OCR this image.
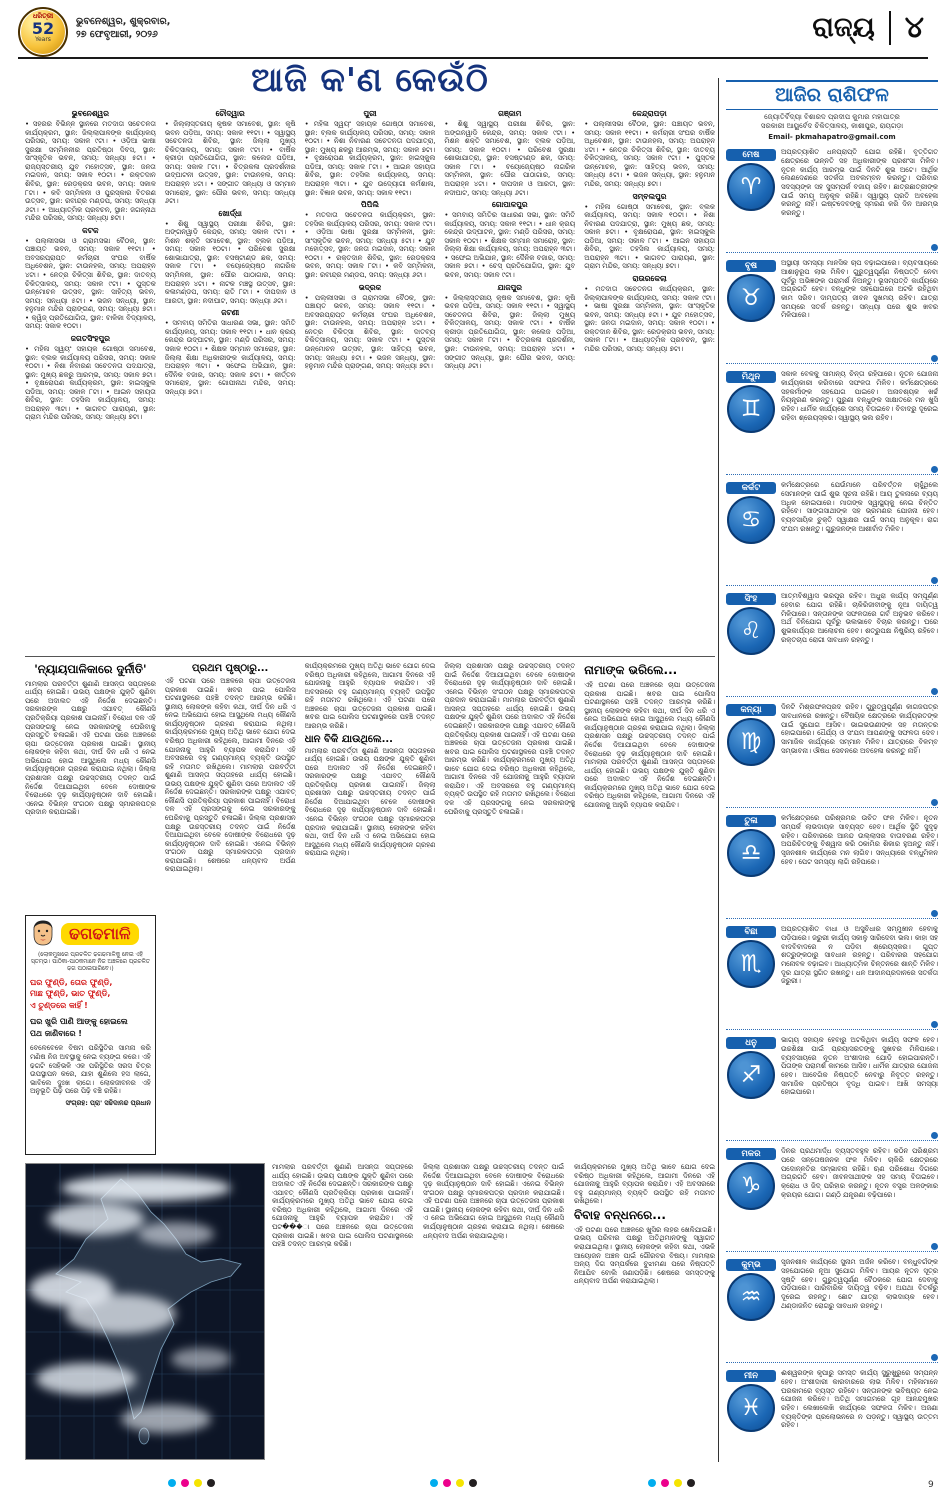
ଧରିତ୍ରୀ
52
Years
ଭୁବନେଶ୍ୱର, ଶୁକ୍ରବାର,
୨୭ ଫେବୃଆରୀ, ୨୦୨୬	ରାଜ୍ୟ ୪
ଆଜି କ'ଣ କେଉଁଠି
ଭୁବନେଶ୍ୱର

• ସହରର ବିଭିନ୍ନ ସ୍ଥାନରେ ମତଦାତା ସଚେତନତା କାର୍ଯ୍ୟକ୍ରମ, ସ୍ଥାନ: ଜିଲ୍ଲାପାଳଙ୍କ କାର୍ଯ୍ୟାଳୟ ପରିସର, ସମୟ: ସକାଳ ୯ଟା। • ଓଡ଼ିଆ ଭାଷା ସୁରକ୍ଷା ସମ୍ମିଳନୀର ପ୍ରତିଷ୍ଠା ଦିବସ, ସ୍ଥାନ: ସାଂସ୍କୃତିକ ଭବନ, ସମୟ: ସନ୍ଧ୍ୟା ୫ଟା। • ରାଜ୍ୟସ୍ତରୀୟ ଯୁବ ମହୋତ୍ସବ, ସ୍ଥାନ: ଜନତା ମଇଦାନ, ସମୟ: ସକାଳ ୧୦ଟା। • ରକ୍ତଦାନ ଶିବିର, ସ୍ଥାନ: ରେଡ଼କ୍ରସ ଭବନ, ସମୟ: ସକାଳ ୮ଟା। • କବି ସମ୍ମିଳନୀ ଓ ପୁରସ୍କାର ବିତରଣ ଉତ୍ସବ, ସ୍ଥାନ: ରବୀନ୍ଦ୍ର ମଣ୍ଡପ, ସମୟ: ସନ୍ଧ୍ୟା ୬ଟା। • ଆଧ୍ୟାତ୍ମିକ ପ୍ରବଚନ, ସ୍ଥାନ: ଜଗନ୍ନାଥ ମନ୍ଦିର ପରିସର, ସମୟ: ସନ୍ଧ୍ୟା ୭ଟା।

କଟକ

• ପଲ୍ଲୀସଭା ଓ ଗ୍ରାମସଭା ବୈଠକ, ସ୍ଥାନ: ପଞ୍ଚାୟତ ଭବନ, ସମୟ: ସକାଳ ୧୧ଟା। • ଅବସରପ୍ରାପ୍ତ କର୍ମଚାରୀ ସଂଘର ବାର୍ଷିକ ଅଧିବେଶନ, ସ୍ଥାନ: ଟାଉନହଲ, ସମୟ: ଅପରାହ୍ନ ୪ଟା। • ନେତ୍ର ଚିକିତ୍ସା ଶିବିର, ସ୍ଥାନ: ଦାତବ୍ୟ ଚିକିତ୍ସାଳୟ, ସମୟ: ସକାଳ ୯ଟା। • ପୁସ୍ତକ ଉନ୍ମୋଚନ ଉତ୍ସବ, ସ୍ଥାନ: ସାହିତ୍ୟ ଭବନ, ସମୟ: ସନ୍ଧ୍ୟା ୫ଟା। • ଭଜନ ସନ୍ଧ୍ୟା, ସ୍ଥାନ: ହନୁମାନ ମନ୍ଦିର ପ୍ରାଙ୍ଗଣ, ସମୟ: ସନ୍ଧ୍ୟା ୭ଟା। • କ୍ୱିଜ୍ ପ୍ରତିଯୋଗିତା, ସ୍ଥାନ: ବାଳିକା ବିଦ୍ୟାଳୟ, ସମୟ: ସକାଳ ୧୦ଟା।

ଜଗତସିଂହପୁର

• ମହିଳା ସ୍ୱୟଂ ସହାୟକ ଗୋଷ୍ଠୀ ସମାବେଶ, ସ୍ଥାନ: ବ୍ଲକ କାର୍ଯ୍ୟାଳୟ ପରିସର, ସମୟ: ସକାଳ ୧୦ଟା। • ନିଶା ନିବାରଣ ସଚେତନତା ପଦଯାତ୍ରା, ସ୍ଥାନ: ମୁଖ୍ୟ ଛକରୁ ଆରମ୍ଭ, ସମୟ: ସକାଳ ୭ଟା। • ବୃକ୍ଷରୋପଣ କାର୍ଯ୍ୟକ୍ରମ, ସ୍ଥାନ: ହାଇସ୍କୁଲ ପଡ଼ିଆ, ସମୟ: ସକାଳ ୮ଟା। • ଆଇନ ସହାୟତା ଶିବିର, ସ୍ଥାନ: ତହସିଲ କାର୍ଯ୍ୟାଳୟ, ସମୟ: ଅପରାହ୍ନ ୩ଟା। • ଭାଗବତ ପାରାୟଣ, ସ୍ଥାନ: ଗ୍ରାମ ମନ୍ଦିର ପରିସର, ସମୟ: ସନ୍ଧ୍ୟା ୭ଟା।

ଚୌଦ୍ୱାର

• ଜିଲ୍ଲାସ୍ତରୀୟ କୃଷକ ସମାବେଶ, ସ୍ଥାନ: କୃଷି ଭବନ ପଡ଼ିଆ, ସମୟ: ସକାଳ ୧୧ଟା। • ସ୍ୱାସ୍ଥ୍ୟ ସଚେତନତା ଶିବିର, ସ୍ଥାନ: ଜିଲ୍ଲା ମୁଖ୍ୟ ଚିକିତ୍ସାଳୟ, ସମୟ: ସକାଳ ୯ଟା। • ବାର୍ଷିକ କ୍ରୀଡ଼ା ପ୍ରତିଯୋଗିତା, ସ୍ଥାନ: କଲେଜ ପଡ଼ିଆ, ସମୟ: ସକାଳ ୮ଟା। • ଚିତ୍ରକଳା ପ୍ରଦର୍ଶନୀର ଉଦ୍‌ଘାଟନୀ ଉତ୍ସବ, ସ୍ଥାନ: ଟାଉନହଲ, ସମୟ: ଅପରାହ୍ନ ୪ଟା। • ସଙ୍ଗୀତ ସନ୍ଧ୍ୟା ଓ ସମ୍ମାନ ସମାରୋହ, ସ୍ଥାନ: ପୌର ଭବନ, ସମୟ: ସନ୍ଧ୍ୟା ୬ଟା।

ଖୋର୍ଦ୍ଧା

• ଶିଶୁ ସ୍ୱାସ୍ଥ୍ୟ ପରୀକ୍ଷା ଶିବିର, ସ୍ଥାନ: ଅଙ୍ଗନୱାଡ଼ି କେନ୍ଦ୍ର, ସମୟ: ସକାଳ ୯ଟା। • ମିଶନ ଶକ୍ତି ସମାବେଶ, ସ୍ଥାନ: ବ୍ଲକ ପଡ଼ିଆ, ସମୟ: ସକାଳ ୧୦ଟା। • ପରିବେଶ ସୁରକ୍ଷା ଶୋଭାଯାତ୍ରା, ସ୍ଥାନ: ବସଷ୍ଟାଣ୍ଡ ଛକ, ସମୟ: ସକାଳ ୮ଟା। • ବୟୋଜ୍ୟେଷ୍ଠ ନାଗରିକ ସମ୍ମିଳନୀ, ସ୍ଥାନ: ପୌର ପାଠାଗାର, ସମୟ: ଅପରାହ୍ନ ୪ଟା। • ନାଟକ ମଞ୍ଚସ୍ଥ ଉତ୍ସବ, ସ୍ଥାନ: କଳାମଣ୍ଡପ, ସମୟ: ରାତି ୮ଟା। • ଦୀପଦାନ ଓ ଆରତୀ, ସ୍ଥାନ: ନଦୀଘାଟ, ସମୟ: ସନ୍ଧ୍ୟା ୬ଟା।

ଜଟଣୀ

• ସମବାୟ ସମିତିର ସାଧାରଣ ସଭା, ସ୍ଥାନ: ସମିତି କାର୍ଯ୍ୟାଳୟ, ସମୟ: ସକାଳ ୧୧ଟା। • ଧାନ କ୍ରୟ କେନ୍ଦ୍ର ଉଦ୍‌ଘାଟନ, ସ୍ଥାନ: ମଣ୍ଡି ପରିସର, ସମୟ: ସକାଳ ୧୦ଟା। • ଶିକ୍ଷକ ସମ୍ମାନ ସମାରୋହ, ସ୍ଥାନ: ଜିଲ୍ଲା ଶିକ୍ଷା ଅଧିକାରୀଙ୍କ କାର୍ଯ୍ୟାଳୟ, ସମୟ: ଅପରାହ୍ନ ୩ଟା। • ସଫେଇ ଅଭିଯାନ, ସ୍ଥାନ: ଦୈନିକ ବଜାର, ସମୟ: ସକାଳ ୭ଟା। • କୀର୍ତ୍ତନ ସମାରୋହ, ସ୍ଥାନ: ଗୋପୀନାଥ ମନ୍ଦିର, ସମୟ: ସନ୍ଧ୍ୟା ୭ଟା।

ପୁରୀ

• ମହିଳା ସ୍ୱୟଂ ସହାୟକ ଗୋଷ୍ଠୀ ସମାବେଶ, ସ୍ଥାନ: ବ୍ଲକ କାର୍ଯ୍ୟାଳୟ ପରିସର, ସମୟ: ସକାଳ ୧୦ଟା। • ନିଶା ନିବାରଣ ସଚେତନତା ପଦଯାତ୍ରା, ସ୍ଥାନ: ମୁଖ୍ୟ ଛକରୁ ଆରମ୍ଭ, ସମୟ: ସକାଳ ୭ଟା। • ବୃକ୍ଷରୋପଣ କାର୍ଯ୍ୟକ୍ରମ, ସ୍ଥାନ: ହାଇସ୍କୁଲ ପଡ଼ିଆ, ସମୟ: ସକାଳ ୮ଟା। • ଆଇନ ସହାୟତା ଶିବିର, ସ୍ଥାନ: ତହସିଲ କାର୍ଯ୍ୟାଳୟ, ସମୟ: ଅପରାହ୍ନ ୩ଟା। • ଯୁବ ଉଦ୍ୟୋଗୀ କର୍ମଶାଳା, ସ୍ଥାନ: ବିଜ୍ଞାନ ଭବନ, ସମୟ: ସକାଳ ୧୧ଟା।

ପିପିଲି

• ମତଦାତା ସଚେତନତା କାର୍ଯ୍ୟକ୍ରମ, ସ୍ଥାନ: ତହସିଲ କାର୍ଯ୍ୟାଳୟ ପରିସର, ସମୟ: ସକାଳ ୯ଟା। • ଓଡ଼ିଆ ଭାଷା ସୁରକ୍ଷା ସମ୍ମିଳନୀ, ସ୍ଥାନ: ସାଂସ୍କୃତିକ ଭବନ, ସମୟ: ସନ୍ଧ୍ୟା ୫ଟା। • ଯୁବ ମହୋତ୍ସବ, ସ୍ଥାନ: ଜନତା ମଇଦାନ, ସମୟ: ସକାଳ ୧୦ଟା। • ରକ୍ତଦାନ ଶିବିର, ସ୍ଥାନ: ରେଡ଼କ୍ରସ ଭବନ, ସମୟ: ସକାଳ ୮ଟା। • କବି ସମ୍ମିଳନୀ, ସ୍ଥାନ: ରବୀନ୍ଦ୍ର ମଣ୍ଡପ, ସମୟ: ସନ୍ଧ୍ୟା ୬ଟା।

ଭଦ୍ରକ

• ପଲ୍ଲୀସଭା ଓ ଗ୍ରାମସଭା ବୈଠକ, ସ୍ଥାନ: ପଞ୍ଚାୟତ ଭବନ, ସମୟ: ସକାଳ ୧୧ଟା। • ଅବସରପ୍ରାପ୍ତ କର୍ମଚାରୀ ସଂଘର ଅଧିବେଶନ, ସ୍ଥାନ: ଟାଉନହଲ, ସମୟ: ଅପରାହ୍ନ ୪ଟା। • ନେତ୍ର ଚିକିତ୍ସା ଶିବିର, ସ୍ଥାନ: ଦାତବ୍ୟ ଚିକିତ୍ସାଳୟ, ସମୟ: ସକାଳ ୯ଟା। • ପୁସ୍ତକ ଉନ୍ମୋଚନ ଉତ୍ସବ, ସ୍ଥାନ: ସାହିତ୍ୟ ଭବନ, ସମୟ: ସନ୍ଧ୍ୟା ୫ଟା। • ଭଜନ ସନ୍ଧ୍ୟା, ସ୍ଥାନ: ହନୁମାନ ମନ୍ଦିର ପ୍ରାଙ୍ଗଣ, ସମୟ: ସନ୍ଧ୍ୟା ୭ଟା।

ଗଞ୍ଜାମ

• ଶିଶୁ ସ୍ୱାସ୍ଥ୍ୟ ପରୀକ୍ଷା ଶିବିର, ସ୍ଥାନ: ଅଙ୍ଗନୱାଡ଼ି କେନ୍ଦ୍ର, ସମୟ: ସକାଳ ୯ଟା। • ମିଶନ ଶକ୍ତି ସମାବେଶ, ସ୍ଥାନ: ବ୍ଲକ ପଡ଼ିଆ, ସମୟ: ସକାଳ ୧୦ଟା। • ପରିବେଶ ସୁରକ୍ଷା ଶୋଭାଯାତ୍ରା, ସ୍ଥାନ: ବସଷ୍ଟାଣ୍ଡ ଛକ, ସମୟ: ସକାଳ ୮ଟା। • ବୟୋଜ୍ୟେଷ୍ଠ ନାଗରିକ ସମ୍ମିଳନୀ, ସ୍ଥାନ: ପୌର ପାଠାଗାର, ସମୟ: ଅପରାହ୍ନ ୪ଟା। • ଦୀପଦାନ ଓ ଆରତୀ, ସ୍ଥାନ: ନଦୀଘାଟ, ସମୟ: ସନ୍ଧ୍ୟା ୬ଟା।

ଗୋପାଳପୁର

• ସମବାୟ ସମିତିର ସାଧାରଣ ସଭା, ସ୍ଥାନ: ସମିତି କାର୍ଯ୍ୟାଳୟ, ସମୟ: ସକାଳ ୧୧ଟା। • ଧାନ କ୍ରୟ କେନ୍ଦ୍ର ଉଦ୍‌ଘାଟନ, ସ୍ଥାନ: ମଣ୍ଡି ପରିସର, ସମୟ: ସକାଳ ୧୦ଟା। • ଶିକ୍ଷକ ସମ୍ମାନ ସମାରୋହ, ସ୍ଥାନ: ଜିଲ୍ଲା ଶିକ୍ଷା କାର୍ଯ୍ୟାଳୟ, ସମୟ: ଅପରାହ୍ନ ୩ଟା। • ସଫେଇ ଅଭିଯାନ, ସ୍ଥାନ: ଦୈନିକ ବଜାର, ସମୟ: ସକାଳ ୭ଟା। • ଚେସ୍ ପ୍ରତିଯୋଗିତା, ସ୍ଥାନ: ଯୁବ ଭବନ, ସମୟ: ସକାଳ ୯ଟା।

ଯାଜପୁର

• ଜିଲ୍ଲାସ୍ତରୀୟ କୃଷକ ସମାବେଶ, ସ୍ଥାନ: କୃଷି ଭବନ ପଡ଼ିଆ, ସମୟ: ସକାଳ ୧୧ଟା। • ସ୍ୱାସ୍ଥ୍ୟ ସଚେତନତା ଶିବିର, ସ୍ଥାନ: ଜିଲ୍ଲା ମୁଖ୍ୟ ଚିକିତ୍ସାଳୟ, ସମୟ: ସକାଳ ୯ଟା। • ବାର୍ଷିକ କ୍ରୀଡ଼ା ପ୍ରତିଯୋଗିତା, ସ୍ଥାନ: କଲେଜ ପଡ଼ିଆ, ସମୟ: ସକାଳ ୮ଟା। • ଚିତ୍ରକଳା ପ୍ରଦର୍ଶନୀ, ସ୍ଥାନ: ଟାଉନହଲ, ସମୟ: ଅପରାହ୍ନ ୪ଟା। • ସଙ୍ଗୀତ ସନ୍ଧ୍ୟା, ସ୍ଥାନ: ପୌର ଭବନ, ସମୟ: ସନ୍ଧ୍ୟା ୬ଟା।

କେନ୍ଦ୍ରାପଡ଼ା

• ପଲ୍ଲୀସଭା ବୈଠକ, ସ୍ଥାନ: ପଞ୍ଚାୟତ ଭବନ, ସମୟ: ସକାଳ ୧୧ଟା। • କର୍ମଚାରୀ ସଂଘର ବାର୍ଷିକ ଅଧିବେଶନ, ସ୍ଥାନ: ଟାଉନହଲ, ସମୟ: ଅପରାହ୍ନ ୪ଟା। • ନେତ୍ର ଚିକିତ୍ସା ଶିବିର, ସ୍ଥାନ: ଦାତବ୍ୟ ଚିକିତ୍ସାଳୟ, ସମୟ: ସକାଳ ୯ଟା। • ପୁସ୍ତକ ଉନ୍ମୋଚନ, ସ୍ଥାନ: ସାହିତ୍ୟ ଭବନ, ସମୟ: ସନ୍ଧ୍ୟା ୫ଟା। • ଭଜନ ସନ୍ଧ୍ୟା, ସ୍ଥାନ: ହନୁମାନ ମନ୍ଦିର, ସମୟ: ସନ୍ଧ୍ୟା ୭ଟା।

ସମ୍ବଲପୁର

• ମହିଳା ଗୋଷ୍ଠୀ ସମାବେଶ, ସ୍ଥାନ: ବ୍ଲକ କାର୍ଯ୍ୟାଳୟ, ସମୟ: ସକାଳ ୧୦ଟା। • ନିଶା ନିବାରଣ ପଦଯାତ୍ରା, ସ୍ଥାନ: ମୁଖ୍ୟ ଛକ, ସମୟ: ସକାଳ ୭ଟା। • ବୃକ୍ଷରୋପଣ, ସ୍ଥାନ: ହାଇସ୍କୁଲ ପଡ଼ିଆ, ସମୟ: ସକାଳ ୮ଟା। • ଆଇନ ସହାୟତା ଶିବିର, ସ୍ଥାନ: ତହସିଲ କାର୍ଯ୍ୟାଳୟ, ସମୟ: ଅପରାହ୍ନ ୩ଟା। • ଭାଗବତ ପାରାୟଣ, ସ୍ଥାନ: ଗ୍ରାମ ମନ୍ଦିର, ସମୟ: ସନ୍ଧ୍ୟା ୭ଟା।

ରାଉରକେଲା

• ମତଦାତା ସଚେତନତା କାର୍ଯ୍ୟକ୍ରମ, ସ୍ଥାନ: ଜିଲ୍ଲାପାଳଙ୍କ କାର୍ଯ୍ୟାଳୟ, ସମୟ: ସକାଳ ୯ଟା। • ଭାଷା ସୁରକ୍ଷା ସମ୍ମିଳନୀ, ସ୍ଥାନ: ସାଂସ୍କୃତିକ ଭବନ, ସମୟ: ସନ୍ଧ୍ୟା ୫ଟା। • ଯୁବ ମହୋତ୍ସବ, ସ୍ଥାନ: ଜନତା ମଇଦାନ, ସମୟ: ସକାଳ ୧୦ଟା। • ରକ୍ତଦାନ ଶିବିର, ସ୍ଥାନ: ରେଡ଼କ୍ରସ ଭବନ, ସମୟ: ସକାଳ ୮ଟା। • ଆଧ୍ୟାତ୍ମିକ ପ୍ରବଚନ, ସ୍ଥାନ: ମନ୍ଦିର ପରିସର, ସମୟ: ସନ୍ଧ୍ୟା ୭ଟା।

'ନ୍ୟାୟପାଳିକାରେ ଦୁର୍ନୀତି'

ମାମଲାର ପରବର୍ତ୍ତୀ ଶୁଣାଣି ଆସନ୍ତା ସପ୍ତାହରେ ଧାର୍ଯ୍ୟ ହୋଇଛି। ଉଭୟ ପକ୍ଷଙ୍କ ଯୁକ୍ତି ଶୁଣିବା ପରେ ଅଦାଲତ ଏହି ନିର୍ଦ୍ଦେଶ ଦେଇଛନ୍ତି। ସରକାରଙ୍କ ପକ୍ଷରୁ ଏଯାବତ୍ କୌଣସି ପ୍ରତିକ୍ରିୟା ପ୍ରକାଶ ପାଇନାହିଁ। ବିରୋଧୀ ଦଳ ଏହି ପ୍ରସଙ୍ଗକୁ ନେଇ ସରକାରଙ୍କୁ ଘେରିବାକୁ ପ୍ରସ୍ତୁତି ଚଳାଇଛି। ଏହି ଘଟଣା ପରେ ଅଞ୍ଚଳରେ ଚାପା ଉତ୍ତେଜନା ପ୍ରକାଶ ପାଇଛି। ସ୍ଥାନୀୟ ଲୋକଙ୍କ କହିବା କଥା, ଦୀର୍ଘ ଦିନ ଧରି ଏ ନେଇ ଅଭିଯୋଗ ହୋଇ ଆସୁଥିଲେ ମଧ୍ୟ କୌଣସି କାର୍ଯ୍ୟାନୁଷ୍ଠାନ ଗ୍ରହଣ କରାଯାଇ ନଥିଲା। ଜିଲ୍ଲା ପ୍ରଶାସନ ପକ୍ଷରୁ ଉଚ୍ଚସ୍ତରୀୟ ତଦନ୍ତ ପାଇଁ ନିର୍ଦ୍ଦେଶ ଦିଆଯାଇଥିବା ବେଳେ ଦୋଷୀଙ୍କ ବିରୋଧରେ ଦୃଢ଼ କାର୍ଯ୍ୟାନୁଷ୍ଠାନ ଦାବି ହୋଇଛି। ଏନେଇ ବିଭିନ୍ନ ସଂଗଠନ ପକ୍ଷରୁ ସ୍ମାରକପତ୍ର ପ୍ରଦାନ କରାଯାଇଛି।

ଢଗଢମାଳି

(ଲୋକମୁଖରେ ପ୍ରଚଳିତ ଢଗଢମାଳିକୁ ନେଇ ଏହି ସ୍ତମ୍ଭ। ପାଠିକା-ପାଠକମାନେ ନିଜ ଅଞ୍ଚଳରେ ପ୍ରଚଳିତ ଢଗ ପଠାଇପାରିବେ।)

ଘର ଫୁଣ୍ଡି, ତୋର ଫୁଣ୍ଡି,

ମାଛ ଫୁଣ୍ଡି, ଭାତ ଫୁଣ୍ଡି,

ଏ ତୁଣ୍ଡରେ କାହିଁ !

ଘର ଖୁରି ପାଣି ଆଙ୍କୁ ହୋଇଲେ

ପଥ ଜାଣିବାରେ !

ବେଳେବେଳେ ବିଷମ ପରିସ୍ଥିତିର ସାମନା କରି ମଣିଷ ନିଜ ଅବସ୍ଥାକୁ ନେଇ ବ୍ୟଙ୍ଗ କରେ। ଏହି ଢଗଟି ସେହିଭଳି ଏକ ପରିସ୍ଥିତିର ସରସ ଚିତ୍ର ଉପସ୍ଥାପନ କରେ, ଯାହା ଶୁଣିଲେ ହସ ଲାଗେ, ଭାବିଲେ ଦୁଃଖ ଲାଗେ। ଲୋକଜୀବନର ଏହି ଅନୁଭୂତି ପିଢ଼ି ପରେ ପିଢ଼ି ବଞ୍ଚି ରହିଛି।

ସଂଗ୍ରହ: ପ୍ରା' ସଚ୍ଚିଦାନନ୍ଦ ପ୍ରଧାନ

ପ୍ରଥମ ପୃଷ୍ଠାରୁ...

ଏହି ଘଟଣା ପରେ ଅଞ୍ଚଳରେ ଚାପା ଉତ୍ତେଜନା ପ୍ରକାଶ ପାଇଛି। ଖବର ପାଇ ପୋଲିସ ଘଟଣାସ୍ଥଳରେ ପହଞ୍ଚି ତଦନ୍ତ ଆରମ୍ଭ କରିଛି। ସ୍ଥାନୀୟ ଲୋକଙ୍କ କହିବା କଥା, ଦୀର୍ଘ ଦିନ ଧରି ଏ ନେଇ ଅଭିଯୋଗ ହୋଇ ଆସୁଥିଲେ ମଧ୍ୟ କୌଣସି କାର୍ଯ୍ୟାନୁଷ୍ଠାନ ଗ୍ରହଣ କରାଯାଇ ନଥିଲା। କାର୍ଯ୍ୟକ୍ରମରେ ମୁଖ୍ୟ ଅତିଥି ଭାବେ ଯୋଗ ଦେଇ ବରିଷ୍ଠ ଅଧିକାରୀ କହିଥିଲେ, ଆଗାମୀ ଦିନରେ ଏହି ଯୋଜନାକୁ ଆହୁରି ବ୍ୟାପକ କରାଯିବ। ଏହି ଅବସରରେ ବହୁ ଗଣ୍ୟମାନ୍ୟ ବ୍ୟକ୍ତି ଉପସ୍ଥିତ ରହି ମତାମତ ରଖିଥିଲେ। ମାମଲାର ପରବର୍ତ୍ତୀ ଶୁଣାଣି ଆସନ୍ତା ସପ୍ତାହରେ ଧାର୍ଯ୍ୟ ହୋଇଛି। ଉଭୟ ପକ୍ଷଙ୍କ ଯୁକ୍ତି ଶୁଣିବା ପରେ ଅଦାଲତ ଏହି ନିର୍ଦ୍ଦେଶ ଦେଇଛନ୍ତି। ସରକାରଙ୍କ ପକ୍ଷରୁ ଏଯାବତ୍ କୌଣସି ପ୍ରତିକ୍ରିୟା ପ୍ରକାଶ ପାଇନାହିଁ। ବିରୋଧୀ ଦଳ ଏହି ପ୍ରସଙ୍ଗକୁ ନେଇ ସରକାରଙ୍କୁ ଘେରିବାକୁ ପ୍ରସ୍ତୁତି ଚଳାଇଛି। ଜିଲ୍ଲା ପ୍ରଶାସନ ପକ୍ଷରୁ ଉଚ୍ଚସ୍ତରୀୟ ତଦନ୍ତ ପାଇଁ ନିର୍ଦ୍ଦେଶ ଦିଆଯାଇଥିବା ବେଳେ ଦୋଷୀଙ୍କ ବିରୋଧରେ ଦୃଢ଼ କାର୍ଯ୍ୟାନୁଷ୍ଠାନ ଦାବି ହୋଇଛି। ଏନେଇ ବିଭିନ୍ନ ସଂଗଠନ ପକ୍ଷରୁ ସ୍ମାରକପତ୍ର ପ୍ରଦାନ କରାଯାଇଛି। ଶେଷରେ ଧନ୍ୟବାଦ ଅର୍ପଣ କରାଯାଇଥିଲା।

କାର୍ଯ୍ୟକ୍ରମରେ ମୁଖ୍ୟ ଅତିଥି ଭାବେ ଯୋଗ ଦେଇ ବରିଷ୍ଠ ଅଧିକାରୀ କହିଥିଲେ, ଆଗାମୀ ଦିନରେ ଏହି ଯୋଜନାକୁ ଆହୁରି ବ୍ୟାପକ କରାଯିବ। ଏହି ଅବସରରେ ବହୁ ଗଣ୍ୟମାନ୍ୟ ବ୍ୟକ୍ତି ଉପସ୍ଥିତ ରହି ମତାମତ ରଖିଥିଲେ। ଏହି ଘଟଣା ପରେ ଅଞ୍ଚଳରେ ଚାପା ଉତ୍ତେଜନା ପ୍ରକାଶ ପାଇଛି। ଖବର ପାଇ ପୋଲିସ ଘଟଣାସ୍ଥଳରେ ପହଞ୍ଚି ତଦନ୍ତ ଆରମ୍ଭ କରିଛି।

ଧାନ ବିକି ଯାଉଥିଲେ...

ମାମଲାର ପରବର୍ତ୍ତୀ ଶୁଣାଣି ଆସନ୍ତା ସପ୍ତାହରେ ଧାର୍ଯ୍ୟ ହୋଇଛି। ଉଭୟ ପକ୍ଷଙ୍କ ଯୁକ୍ତି ଶୁଣିବା ପରେ ଅଦାଲତ ଏହି ନିର୍ଦ୍ଦେଶ ଦେଇଛନ୍ତି। ସରକାରଙ୍କ ପକ୍ଷରୁ ଏଯାବତ୍ କୌଣସି ପ୍ରତିକ୍ରିୟା ପ୍ରକାଶ ପାଇନାହିଁ। ଜିଲ୍ଲା ପ୍ରଶାସନ ପକ୍ଷରୁ ଉଚ୍ଚସ୍ତରୀୟ ତଦନ୍ତ ପାଇଁ ନିର୍ଦ୍ଦେଶ ଦିଆଯାଇଥିବା ବେଳେ ଦୋଷୀଙ୍କ ବିରୋଧରେ ଦୃଢ଼ କାର୍ଯ୍ୟାନୁଷ୍ଠାନ ଦାବି ହୋଇଛି। ଏନେଇ ବିଭିନ୍ନ ସଂଗଠନ ପକ୍ଷରୁ ସ୍ମାରକପତ୍ର ପ୍ରଦାନ କରାଯାଇଛି। ସ୍ଥାନୀୟ ଲୋକଙ୍କ କହିବା କଥା, ଦୀର୍ଘ ଦିନ ଧରି ଏ ନେଇ ଅଭିଯୋଗ ହୋଇ ଆସୁଥିଲେ ମଧ୍ୟ କୌଣସି କାର୍ଯ୍ୟାନୁଷ୍ଠାନ ଗ୍ରହଣ କରାଯାଇ ନଥିଲା।

ଜିଲ୍ଲା ପ୍ରଶାସନ ପକ୍ଷରୁ ଉଚ୍ଚସ୍ତରୀୟ ତଦନ୍ତ ପାଇଁ ନିର୍ଦ୍ଦେଶ ଦିଆଯାଇଥିବା ବେଳେ ଦୋଷୀଙ୍କ ବିରୋଧରେ ଦୃଢ଼ କାର୍ଯ୍ୟାନୁଷ୍ଠାନ ଦାବି ହୋଇଛି। ଏନେଇ ବିଭିନ୍ନ ସଂଗଠନ ପକ୍ଷରୁ ସ୍ମାରକପତ୍ର ପ୍ରଦାନ କରାଯାଇଛି। ମାମଲାର ପରବର୍ତ୍ତୀ ଶୁଣାଣି ଆସନ୍ତା ସପ୍ତାହରେ ଧାର୍ଯ୍ୟ ହୋଇଛି। ଉଭୟ ପକ୍ଷଙ୍କ ଯୁକ୍ତି ଶୁଣିବା ପରେ ଅଦାଲତ ଏହି ନିର୍ଦ୍ଦେଶ ଦେଇଛନ୍ତି। ସରକାରଙ୍କ ପକ୍ଷରୁ ଏଯାବତ୍ କୌଣସି ପ୍ରତିକ୍ରିୟା ପ୍ରକାଶ ପାଇନାହିଁ। ଏହି ଘଟଣା ପରେ ଅଞ୍ଚଳରେ ଚାପା ଉତ୍ତେଜନା ପ୍ରକାଶ ପାଇଛି। ଖବର ପାଇ ପୋଲିସ ଘଟଣାସ୍ଥଳରେ ପହଞ୍ଚି ତଦନ୍ତ ଆରମ୍ଭ କରିଛି। କାର୍ଯ୍ୟକ୍ରମରେ ମୁଖ୍ୟ ଅତିଥି ଭାବେ ଯୋଗ ଦେଇ ବରିଷ୍ଠ ଅଧିକାରୀ କହିଥିଲେ, ଆଗାମୀ ଦିନରେ ଏହି ଯୋଜନାକୁ ଆହୁରି ବ୍ୟାପକ କରାଯିବ। ଏହି ଅବସରରେ ବହୁ ଗଣ୍ୟମାନ୍ୟ ବ୍ୟକ୍ତି ଉପସ୍ଥିତ ରହି ମତାମତ ରଖିଥିଲେ। ବିରୋଧୀ ଦଳ ଏହି ପ୍ରସଙ୍ଗକୁ ନେଇ ସରକାରଙ୍କୁ ଘେରିବାକୁ ପ୍ରସ୍ତୁତି ଚଳାଇଛି।

ନାମାଙ୍କ ଭରିଲେ...

ଏହି ଘଟଣା ପରେ ଅଞ୍ଚଳରେ ଚାପା ଉତ୍ତେଜନା ପ୍ରକାଶ ପାଇଛି। ଖବର ପାଇ ପୋଲିସ ଘଟଣାସ୍ଥଳରେ ପହଞ୍ଚି ତଦନ୍ତ ଆରମ୍ଭ କରିଛି। ସ୍ଥାନୀୟ ଲୋକଙ୍କ କହିବା କଥା, ଦୀର୍ଘ ଦିନ ଧରି ଏ ନେଇ ଅଭିଯୋଗ ହୋଇ ଆସୁଥିଲେ ମଧ୍ୟ କୌଣସି କାର୍ଯ୍ୟାନୁଷ୍ଠାନ ଗ୍ରହଣ କରାଯାଇ ନଥିଲା। ଜିଲ୍ଲା ପ୍ରଶାସନ ପକ୍ଷରୁ ଉଚ୍ଚସ୍ତରୀୟ ତଦନ୍ତ ପାଇଁ ନିର୍ଦ୍ଦେଶ ଦିଆଯାଇଥିବା ବେଳେ ଦୋଷୀଙ୍କ ବିରୋଧରେ ଦୃଢ଼ କାର୍ଯ୍ୟାନୁଷ୍ଠାନ ଦାବି ହୋଇଛି। ମାମଲାର ପରବର୍ତ୍ତୀ ଶୁଣାଣି ଆସନ୍ତା ସପ୍ତାହରେ ଧାର୍ଯ୍ୟ ହୋଇଛି। ଉଭୟ ପକ୍ଷଙ୍କ ଯୁକ୍ତି ଶୁଣିବା ପରେ ଅଦାଲତ ଏହି ନିର୍ଦ୍ଦେଶ ଦେଇଛନ୍ତି। କାର୍ଯ୍ୟକ୍ରମରେ ମୁଖ୍ୟ ଅତିଥି ଭାବେ ଯୋଗ ଦେଇ ବରିଷ୍ଠ ଅଧିକାରୀ କହିଥିଲେ, ଆଗାମୀ ଦିନରେ ଏହି ଯୋଜନାକୁ ଆହୁରି ବ୍ୟାପକ କରାଯିବ।

ମାମଲାର ପରବର୍ତ୍ତୀ ଶୁଣାଣି ଆସନ୍ତା ସପ୍ତାହରେ ଧାର୍ଯ୍ୟ ହୋଇଛି। ଉଭୟ ପକ୍ଷଙ୍କ ଯୁକ୍ତି ଶୁଣିବା ପରେ ଅଦାଲତ ଏହି ନିର୍ଦ୍ଦେଶ ଦେଇଛନ୍ତି। ସରକାରଙ୍କ ପକ୍ଷରୁ ଏଯାବତ୍ କୌଣସି ପ୍ରତିକ୍ରିୟା ପ୍ରକାଶ ପାଇନାହିଁ। କାର୍ଯ୍ୟକ୍ରମରେ ମୁଖ୍ୟ ଅତିଥି ଭାବେ ଯୋଗ ଦେଇ ବରିଷ୍ଠ ଅଧିକାରୀ କହିଥିଲେ, ଆଗାମୀ ଦିନରେ ଏହି ଯୋଜନାକୁ ଆହୁରି ବ୍ୟାପକ କରାଯିବ। ଏହି ଘଟ���ା ପରେ ଅଞ୍ଚଳରେ ଚାପା ଉତ୍ତେଜନା ପ୍ରକାଶ ପାଇଛି। ଖବର ପାଇ ପୋଲିସ ଘଟଣାସ୍ଥଳରେ ପହଞ୍ଚି ତଦନ୍ତ ଆରମ୍ଭ କରିଛି।

ଜିଲ୍ଲା ପ୍ରଶାସନ ପକ୍ଷରୁ ଉଚ୍ଚସ୍ତରୀୟ ତଦନ୍ତ ପାଇଁ ନିର୍ଦ୍ଦେଶ ଦିଆଯାଇଥିବା ବେଳେ ଦୋଷୀଙ୍କ ବିରୋଧରେ ଦୃଢ଼ କାର୍ଯ୍ୟାନୁଷ୍ଠାନ ଦାବି ହୋଇଛି। ଏନେଇ ବିଭିନ୍ନ ସଂଗଠନ ପକ୍ଷରୁ ସ୍ମାରକପତ୍ର ପ୍ରଦାନ କରାଯାଇଛି। ଏହି ଘଟଣା ପରେ ଅଞ୍ଚଳରେ ଚାପା ଉତ୍ତେଜନା ପ୍ରକାଶ ପାଇଛି। ସ୍ଥାନୀୟ ଲୋକଙ୍କ କହିବା କଥା, ଦୀର୍ଘ ଦିନ ଧରି ଏ ନେଇ ଅଭିଯୋଗ ହୋଇ ଆସୁଥିଲେ ମଧ୍ୟ କୌଣସି କାର୍ଯ୍ୟାନୁଷ୍ଠାନ ଗ୍ରହଣ କରାଯାଇ ନଥିଲା। ଶେଷରେ ଧନ୍ୟବାଦ ଅର୍ପଣ କରାଯାଇଥିଲା।

କାର୍ଯ୍ୟକ୍ରମରେ ମୁଖ୍ୟ ଅତିଥି ଭାବେ ଯୋଗ ଦେଇ ବରିଷ୍ଠ ଅଧିକାରୀ କହିଥିଲେ, ଆଗାମୀ ଦିନରେ ଏହି ଯୋଜନାକୁ ଆହୁରି ବ୍ୟାପକ କରାଯିବ। ଏହି ଅବସରରେ ବହୁ ଗଣ୍ୟମାନ୍ୟ ବ୍ୟକ୍ତି ଉପସ୍ଥିତ ରହି ମତାମତ ରଖିଥିଲେ।

ବିବାହ ବନ୍ଧନରେ...

ଏହି ଘଟଣା ପରେ ଅଞ୍ଚଳରେ ଖୁସିର ଲହର ଖେଳିଯାଇଛି। ଉଭୟ ପରିବାର ପକ୍ଷରୁ ଅତିଥିମାନଙ୍କୁ ସ୍ୱାଗତ କରାଯାଇଥିଲା। ସ୍ଥାନୀୟ ଲୋକଙ୍କ କହିବା କଥା, ଏଭଳି ଆୟୋଜନ ଅଞ୍ଚଳ ପାଇଁ ଗୌରବର ବିଷୟ। ମାମଲାର ଅନ୍ୟ ଦିଗ ସମ୍ପର୍କରେ ବୁଝାମଣା ପରେ ନିଷ୍ପତ୍ତି ନିଆଯିବ ବୋଲି ଜଣାପଡ଼ିଛି। ଶେଷରେ ସମସ୍ତଙ୍କୁ ଧନ୍ୟବାଦ ଅର୍ପଣ କରାଯାଇଥିଲା।

ଆଜିର ରାଶିଫଳ

ଜ୍ୟୋତିର୍ବିଦ୍ୟା ବିଶାରଦ ପ୍ରଦୀପ କୁମାର ମହାପାତ୍ର

ସରକାରୀ ଆୟୁର୍ବେଦ ଚିକିତ୍ସାଳୟ, କାଶୀପୁର, ରାୟଗଡ଼ା

Email- pkmahapatro@gmail.com

ମେଷ
♈

ଅପ୍ରତ୍ୟାଶିତ ଧନପ୍ରାପ୍ତି ଯୋଗ ରହିଛି। ବୃତ୍ତିଗତ କ୍ଷେତ୍ରରେ ଉନ୍ନତି ସହ ଅଧିକାରୀଙ୍କ ପ୍ରଶଂସା ମିଳିବ। ନୂତନ କାର୍ଯ୍ୟ ଆରମ୍ଭ ପାଇଁ ଦିନଟି ଶୁଭ ଅଟେ। ଆର୍ଥିକ ଲେଣଦେଣରେ ସତର୍କତା ଅବଲମ୍ବନ କରନ୍ତୁ। ପରିବାର ସଦସ୍ୟଙ୍କ ସହ ସୁସମ୍ପର୍କ ବଜାୟ ରହିବ। ଛାତ୍ରଛାତ୍ରୀଙ୍କ ପାଇଁ ସମୟ ଅନୁକୂଳ ରହିଛି। ସ୍ୱାସ୍ଥ୍ୟ ପ୍ରତି ଅବହେଳା କରନ୍ତୁ ନାହିଁ। ଇଷ୍ଟଦେବଙ୍କୁ ସ୍ମରଣ କରି ଦିନ ଆରମ୍ଭ କରନ୍ତୁ।

ବୃଷ
♉

ଅସ୍ଥାୟୀ ସମସ୍ୟା ମାନସିକ ଚାପ ବଢ଼ାଇପାରେ। ବ୍ୟବସାୟରେ ଆଶାନୁରୂପ ଲାଭ ମିଳିବ। ଗୁରୁତ୍ୱପୂର୍ଣ୍ଣ ନିଷ୍ପତ୍ତି ନେବା ପୂର୍ବରୁ ଅଭିଜ୍ଞଙ୍କ ପରାମର୍ଶ ନିଅନ୍ତୁ। ଭୂସମ୍ପତ୍ତି କାର୍ଯ୍ୟରେ ଅଗ୍ରଗତି ହେବ। ବନ୍ଧୁଙ୍କ ସହଯୋଗରେ ଅଟକି ରହିଥିବା କାମ ସରିବ। ଦାମ୍ପତ୍ୟ ଜୀବନ ସୁଖମୟ ରହିବ। ଯାତ୍ରା ସମୟରେ ସତର୍କ ରହନ୍ତୁ। ସନ୍ଧ୍ୟା ପରେ ଶୁଭ ଖବର ମିଳିପାରେ।

ମିଥୁନ
♊

ସକାଳ ବେଳକୁ ସାମାନ୍ୟ ଚିନ୍ତା ରହିପାରେ। ନୂତନ ଯୋଜନା କାର୍ଯ୍ୟକାରୀ କରିବାରେ ସଫଳତା ମିଳିବ। କର୍ମକ୍ଷେତ୍ରରେ ସହକର୍ମୀଙ୍କ ସହଯୋଗ ପାଇବେ। ଅନାବଶ୍ୟକ ଖର୍ଚ୍ଚ ନିୟନ୍ତ୍ରଣ କରନ୍ତୁ। ପୁରୁଣା ବନ୍ଧୁଙ୍କ ସାକ୍ଷାତରେ ମନ ଖୁସି ରହିବ। ଧାର୍ମିକ କାର୍ଯ୍ୟରେ ସମୟ ବିତାଇବେ। ବିବାଦରୁ ଦୂରେଇ ରହିବା ଶ୍ରେୟସ୍କର। ସ୍ୱାସ୍ଥ୍ୟ ଭଲ ରହିବ।

କର୍କଟ
♋

କର୍ମକ୍ଷେତ୍ରରେ ଯେଉଁମାନେ ପରିବର୍ତ୍ତନ ଚାହୁଁଥିଲେ ସେମାନଙ୍କ ପାଇଁ ଶୁଭ ସୂଚନା ରହିଛି। ଆୟ ତୁଳନାରେ ବ୍ୟୟ ଅଧିକ ହୋଇପାରେ। ମାତାଙ୍କ ସ୍ୱାସ୍ଥ୍ୟକୁ ନେଇ ଚିନ୍ତିତ ରହିବେ। ସାଙ୍ଗସାଥୀଙ୍କ ସହ ଭ୍ରମଣର ଯୋଜନା ହେବ। ବ୍ୟବସାୟିକ ଚୁକ୍ତି ସ୍ୱାକ୍ଷର ପାଇଁ ସମୟ ଅନୁକୂଳ। ରାଗ ସଂଯମ ରଖନ୍ତୁ। ଗୁରୁଜନଙ୍କ ଆଶୀର୍ବାଦ ମିଳିବ।

ସିଂହ
♌

ଆତ୍ମବିଶ୍ୱାସ ଭରପୂର ରହିବ। ଅଧୁରା କାର୍ଯ୍ୟ ସମ୍ପୂର୍ଣ୍ଣ ହେବାର ଯୋଗ ରହିଛି। ଚାକିରିଜୀବୀଙ୍କୁ ନୂଆ ଦାୟିତ୍ୱ ମିଳିପାରେ। ସନ୍ତାନଙ୍କ ସଫଳତାରେ ଗର୍ବ ଅନୁଭବ କରିବେ। ଅର୍ଥ ବିନିଯୋଗ ପୂର୍ବରୁ ଭଲଭାବେ ବିଚାର କରନ୍ତୁ। ଘରେ ଶୁଭକାର୍ଯ୍ୟର ଆଲୋଚନା ହେବ। ଶତ୍ରୁପକ୍ଷ ନିଷ୍କ୍ରିୟ ରହିବେ। ରକ୍ତଚାପ ରୋଗୀ ସାବଧାନ ରହନ୍ତୁ।

କନ୍ୟା
♍

ଦିନଟି ମିଶ୍ରଫଳପ୍ରଦ ରହିବ। ଗୁରୁତ୍ୱପୂର୍ଣ୍ଣ କାଗଜପତ୍ର ସାବଧାନରେ ରଖନ୍ତୁ। ବୈଷୟିକ କ୍ଷେତ୍ରରେ କାର୍ଯ୍ୟରତଙ୍କ ପାଇଁ ସୁଯୋଗ ଆସିବ। ଭାଇଭଉଣୀଙ୍କ ସହ ମତାନ୍ତର ହୋଇପାରେ। ଧୈର୍ଯ୍ୟ ଓ ସଂଯମ ଆପଣଙ୍କୁ ସଫଳତା ଦେବ। ସାମାଜିକ କାର୍ଯ୍ୟରେ ସମ୍ମାନ ମିଳିବ। ଯାତ୍ରାରେ ବିଳମ୍ବ ସମ୍ଭାବନା। ଔଷଧ ସେବନରେ ଅବହେଳା କରନ୍ତୁ ନାହିଁ।

ତୁଳା
♎

କର୍ମକ୍ଷେତ୍ରରେ ପରିଶ୍ରମର ଉଚିତ ଫଳ ମିଳିବ। ନୂତନ ସମ୍ପର୍କ ଲାଭଦାୟକ ସାବ୍ୟସ୍ତ ହେବ। ଆର୍ଥିକ ସ୍ଥିତି ସୁଦୃଢ଼ ରହିବ। ପରିବାରରେ ଆନନ୍ଦ ଉଲ୍ଲାସର ବାତାବରଣ ରହିବ। ଅପରିଚିତଙ୍କୁ ବିଶ୍ୱାସ କରି ଠକାମିର ଶିକାର ହୁଅନ୍ତୁ ନାହିଁ। ସୃଜନଶୀଳ କାର୍ଯ୍ୟରେ ମନ ଲାଗିବ। ସନ୍ଧ୍ୟାରେ ବନ୍ଧୁମିଳନ ହେବ। ପେଟ ସମସ୍ୟା ଲାଗି ରହିପାରେ।

ବିଛା
♏

ଅପ୍ରତ୍ୟାଶିତ ବାଧା ଓ ଅସୁବିଧାର ସମ୍ମୁଖୀନ ହେବାକୁ ପଡ଼ିପାରେ। ଜରୁରୀ କାର୍ଯ୍ୟ ସକାଳୁ ସାରିଦେବା ଭଲ। କାହା ସହ ବାଦବିବାଦରେ ନ ପଡ଼ିବା ଶ୍ରେୟସ୍କର। ଗୁପ୍ତ ଶତ୍ରୁଙ୍କଠାରୁ ସାବଧାନ ରହନ୍ତୁ। ପରିବାରର ସହଯୋଗ ମନୋବଳ ବଢ଼ାଇବ। ଆଧ୍ୟାତ୍ମିକ ଚିନ୍ତନରେ ଶାନ୍ତି ମିଳିବ। ଦୂର ଯାତ୍ରା ସ୍ଥଗିତ ରଖନ୍ତୁ। ଧନ ଆଦାନପ୍ରଦାନରେ ସତର୍କତା ଜରୁରୀ।

ଧନୁ
♐

ଭାଗ୍ୟ ସହାୟକ ହେବାରୁ ଅଟକିଥିବା କାର୍ଯ୍ୟ ସଫଳ ହେବ। ଉଚ୍ଚଶିକ୍ଷା ପାଇଁ ପ୍ରୟାସରତଙ୍କୁ ସୁଖବର ମିଳିପାରେ। ବ୍ୟବସାୟରେ ନୂତନ ଅଂଶୀଦାର ଯୋଡ଼ି ହୋଇପାରନ୍ତି। ପିତାଙ୍କ ପରାମର୍ଶ କାମରେ ଆସିବ। ଧାର୍ମିକ ଯାତ୍ରାର ଯୋଜନା ହେବ। ଆବେଗିକ ନିଷ୍ପତ୍ତି ନେବାରୁ ନିବୃତ୍ତ ରହନ୍ତୁ। ସାମାଜିକ ପ୍ରତିଷ୍ଠା ବୃଦ୍ଧି ପାଇବ। ଆଖି ସମସ୍ୟା ହୋଇପାରେ।

ମକର
♑

ଦିନର ପ୍ରଥମାର୍ଦ୍ଧ ବ୍ୟସ୍ତବହୁଳ ରହିବ। କଠିନ ପରିଶ୍ରମ ପରେ ସନ୍ତୋଷଜନକ ଫଳ ମିଳିବ। ଚାକିରି କ୍ଷେତ୍ରରେ ପଦୋନ୍ନତିର ସମ୍ଭାବନା ରହିଛି। ଋଣ ପରିଶୋଧ ଦିଗରେ ଅଗ୍ରଗତି ହେବ। ଜୀବନସାଥୀଙ୍କ ସହ ସମୟ ବିତାଇବେ। କ୍ରୋଧ ଓ ଜିଦ୍ ପରିହାର କରନ୍ତୁ। ନୂତନ ବସ୍ତ୍ର ଅଳଙ୍କାର କ୍ରୟର ଯୋଗ। ଗଣ୍ଠି ଯନ୍ତ୍ରଣା ବଢ଼ିପାରେ।

କୁମ୍ଭ
♒

ସୃଜନଶୀଳ କାର୍ଯ୍ୟରେ ସୁନାମ ଅର୍ଜନ କରିବେ। ବନ୍ଧୁବର୍ଗଙ୍କ ସହଯୋଗରେ ନୂଆ ସୁଯୋଗ ମିଳିବ। ଆୟର ନୂତନ ସୂତ୍ର ସୃଷ୍ଟି ହେବ। ଗୁରୁତ୍ୱପୂର୍ଣ୍ଣ ବୈଠକରେ ଯୋଗ ଦେବାକୁ ପଡ଼ିପାରେ। ପାରିବାରିକ ଦାୟିତ୍ୱ ବଢ଼ିବ। ଅଯଥା ବିତର୍କରୁ ଦୂରେଇ ରହନ୍ତୁ। ଛୋଟ ଯାତ୍ରା ଲାଭଦାୟକ ହେବ। ଥଣ୍ଡାଜନିତ ରୋଗରୁ ସାବଧାନ ରହନ୍ତୁ।

ମୀନ
♓

ଈଶ୍ୱରଙ୍କ କୃପାରୁ ସମସ୍ତ କାର୍ଯ୍ୟ ସୁରୁଖୁରୁରେ ସମ୍ପନ୍ନ ହେବ। ଅଂଶୀଦାରୀ କାରବାରରେ ଲାଭ ମିଳିବ। ମହିଳାମାନେ ଘରକାମରେ ବ୍ୟସ୍ତ ରହିବେ। ସନ୍ତାନଙ୍କ ଭବିଷ୍ୟତ ନେଇ ଯୋଜନା କରିବେ। ଅତିଥି ସମାଗମରେ ଗୃହ ଆନନ୍ଦମୁଖର ରହିବ। ଲେଖାଲେଖି କାର୍ଯ୍ୟରେ ସଫଳତା ମିଳିବ। ଅଜଣା ବ୍ୟକ୍ତିଙ୍କ ପ୍ରଲୋଭନରେ ନ ପଡ଼ନ୍ତୁ। ସ୍ୱାସ୍ଥ୍ୟ ଉତ୍ତମ ରହିବ।

9
